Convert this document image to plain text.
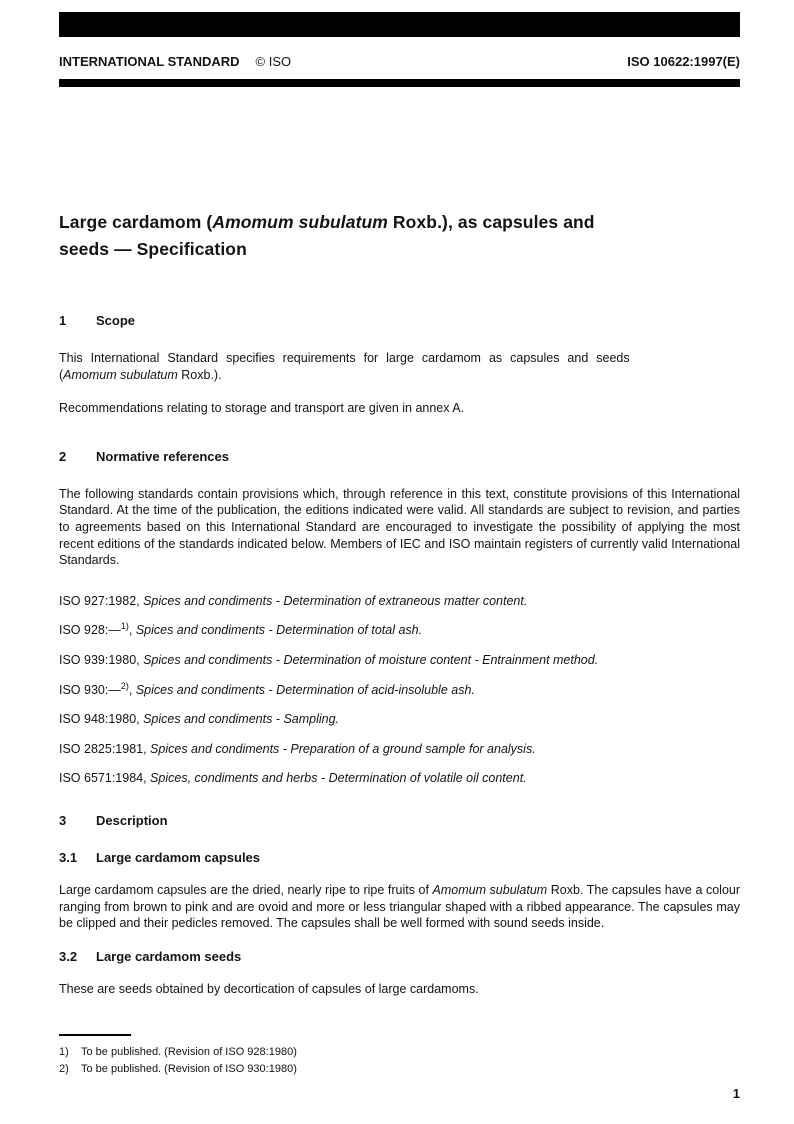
INTERNATIONAL STANDARD © ISO	ISO 10622:1997(E)
Large cardamom (Amomum subulatum Roxb.), as capsules and
seeds — Specification
1	Scope

This International Standard specifies requirements for large cardamom as capsules and seeds
(Amomum subulatum Roxb.).

Recommendations relating to storage and transport are given in annex A.

2	Normative references

The following standards contain provisions which, through reference in this text, constitute provisions of this International Standard. At the time of the publication, the editions indicated were valid. All standards are subject to revision, and parties to agreements based on this International Standard are encouraged to investigate the possibility of applying the most recent editions of the standards indicated below. Members of IEC and ISO maintain registers of currently valid International Standards.

ISO 927:1982, Spices and condiments - Determination of extraneous matter content.

ISO 928:—$^{1)}$, Spices and condiments - Determination of total ash.

ISO 939:1980, Spices and condiments - Determination of moisture content - Entrainment method.

ISO 930:—$^{2)}$, Spices and condiments - Determination of acid-insoluble ash.

ISO 948:1980, Spices and condiments - Sampling.

ISO 2825:1981, Spices and condiments - Preparation of a ground sample for analysis.

ISO 6571:1984, Spices, condiments and herbs - Determination of volatile oil content.

3	Description
3.1	Large cardamom capsules

Large cardamom capsules are the dried, nearly ripe to ripe fruits of Amomum subulatum Roxb. The capsules have a colour ranging from brown to pink and are ovoid and more or less triangular shaped with a ribbed appearance. The capsules may be clipped and their pedicles removed. The capsules shall be well formed with sound seeds inside.

3.2	Large cardamom seeds

These are seeds obtained by decortication of capsules of large cardamoms.

1)	To be published. (Revision of ISO 928:1980)

2)	To be published. (Revision of ISO 930:1980)

1
